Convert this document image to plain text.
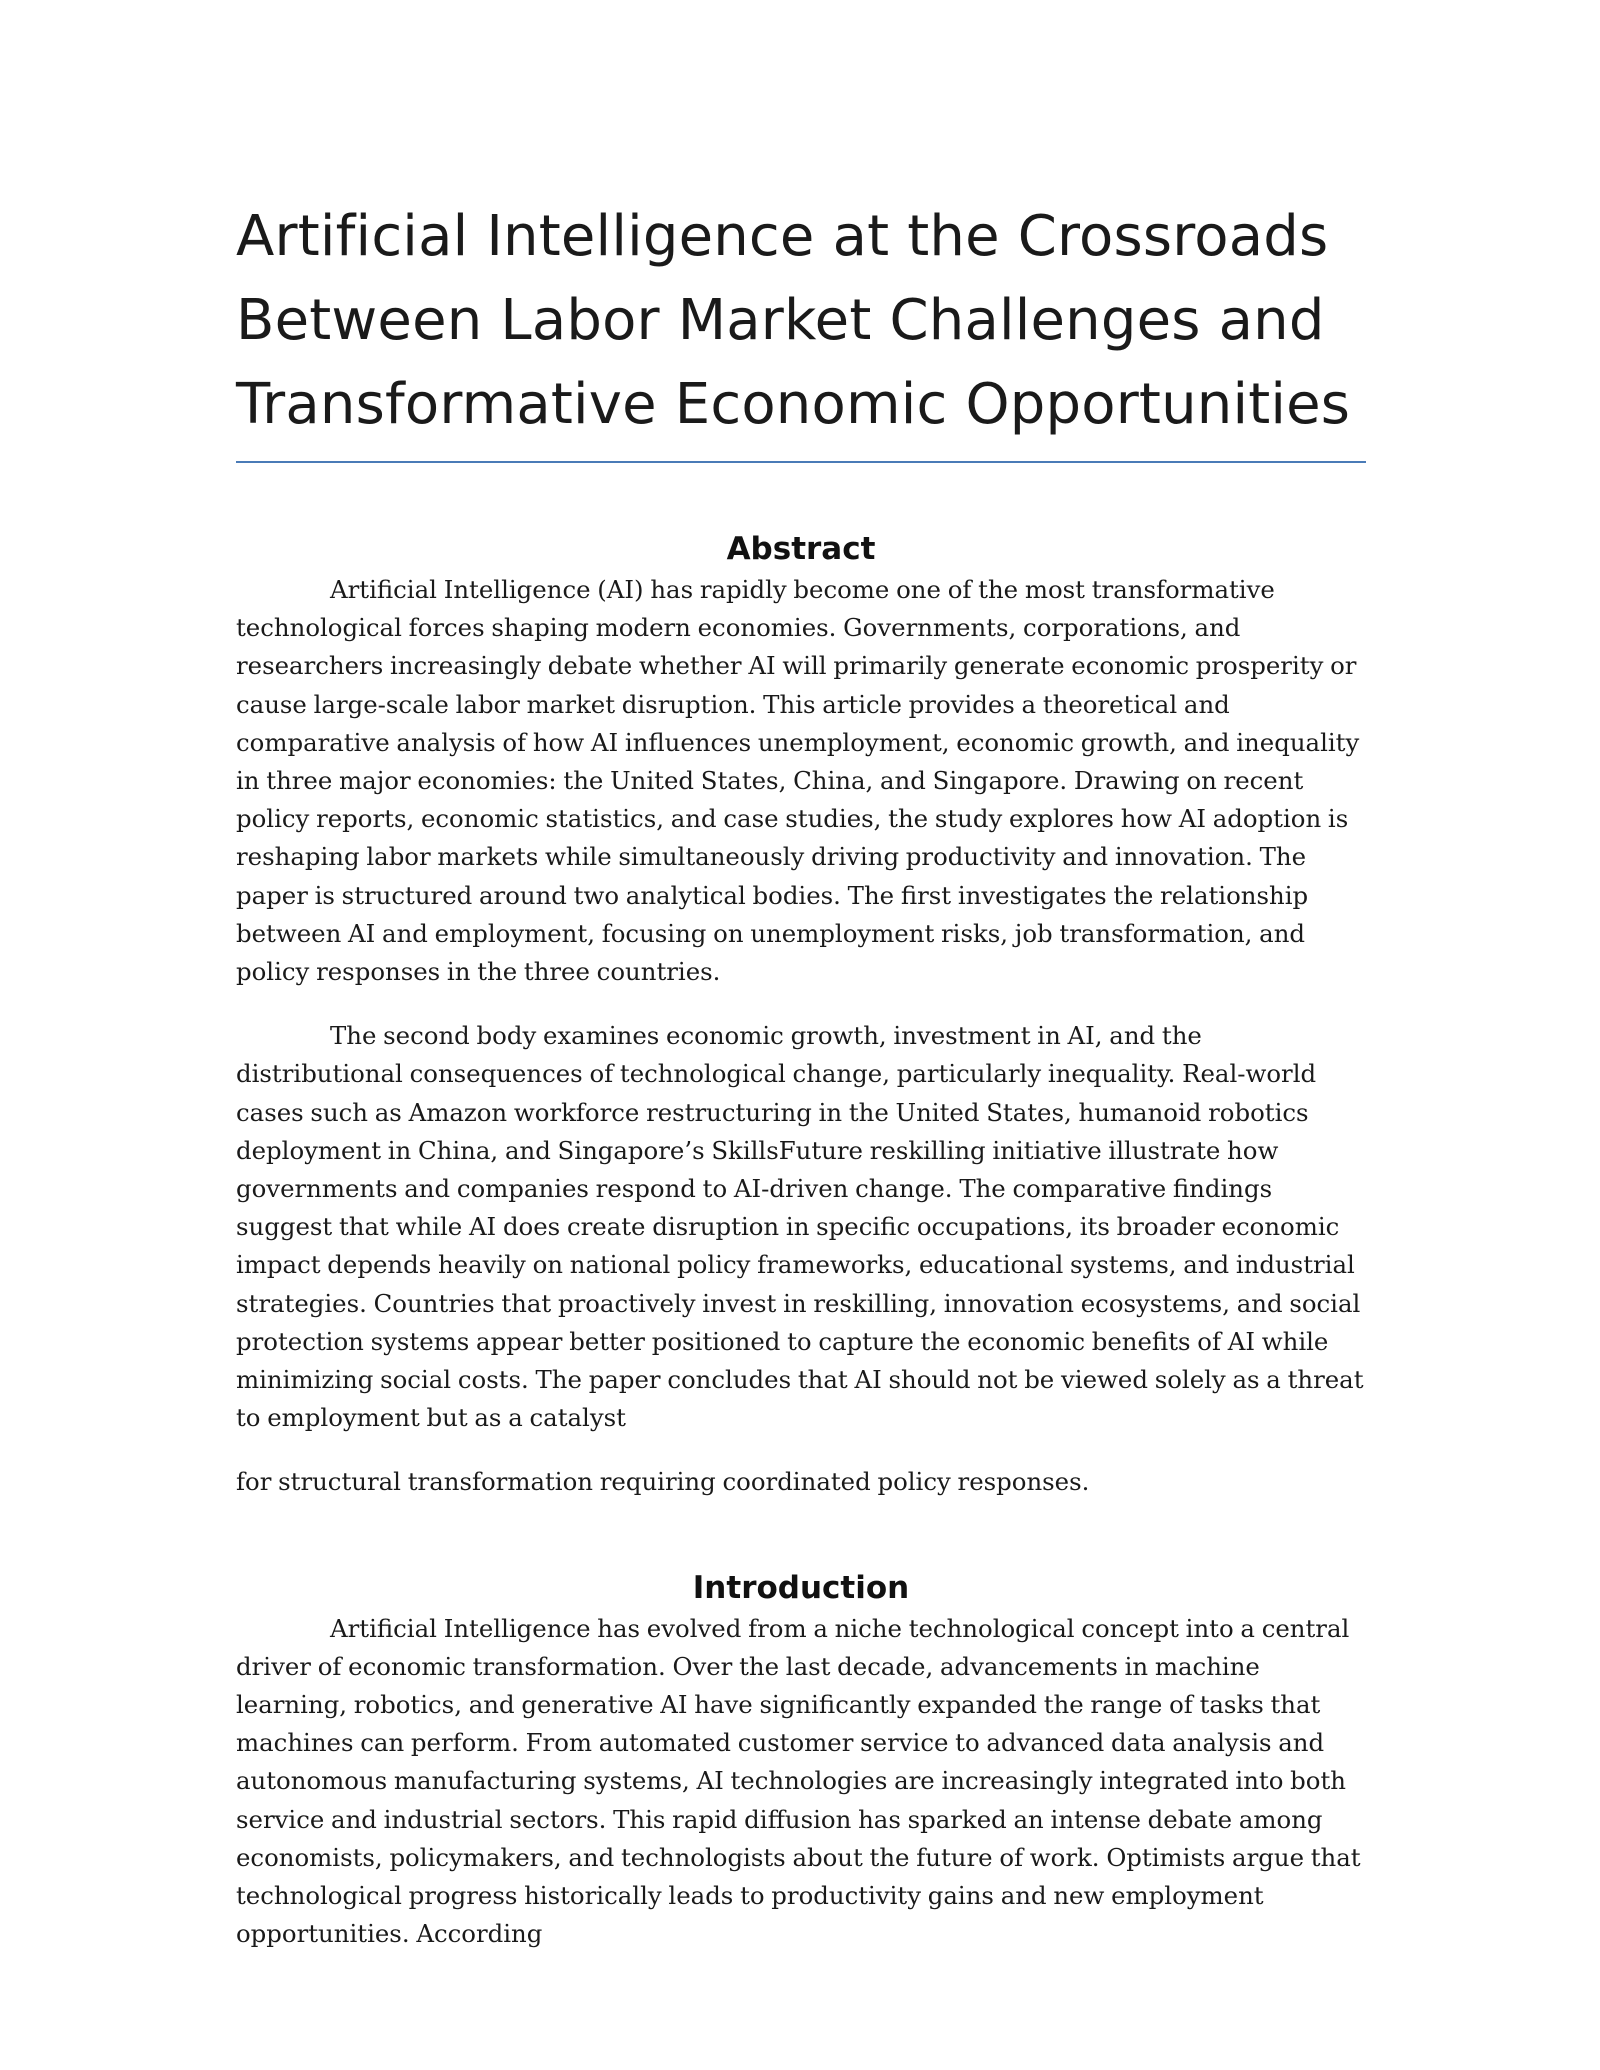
Artificial Intelligence at the Crossroads Between Labor Market Challenges and Transformative Economic Opportunities
Abstract

Artificial Intelligence (AI) has rapidly become one of the most transformative technological forces shaping modern economies. Governments, corporations, and researchers increasingly debate whether AI will primarily generate economic prosperity or cause large-scale labor market disruption. This article provides a theoretical and comparative analysis of how AI influences unemployment, economic growth, and inequality in three major economies: the United States, China, and Singapore. Drawing on recent policy reports, economic statistics, and case studies, the study explores how AI adoption is reshaping labor markets while simultaneously driving productivity and innovation. The paper is structured around two analytical bodies. The first investigates the relationship between AI and employment, focusing on unemployment risks, job transformation, and policy responses in the three countries.

The second body examines economic growth, investment in AI, and the distributional consequences of technological change, particularly inequality. Real-world cases such as Amazon workforce restructuring in the United States, humanoid robotics deployment in China, and Singapore’s SkillsFuture reskilling initiative illustrate how governments and companies respond to AI-driven change. The comparative findings suggest that while AI does create disruption in specific occupations, its broader economic impact depends heavily on national policy frameworks, educational systems, and industrial strategies. Countries that proactively invest in reskilling, innovation ecosystems, and social protection systems appear better positioned to capture the economic benefits of AI while minimizing social costs. The paper concludes that AI should not be viewed solely as a threat to employment but as a catalyst

for structural transformation requiring coordinated policy responses.

Introduction

Artificial Intelligence has evolved from a niche technological concept into a central driver of economic transformation. Over the last decade, advancements in machine learning, robotics, and generative AI have significantly expanded the range of tasks that machines can perform. From automated customer service to advanced data analysis and autonomous manufacturing systems, AI technologies are increasingly integrated into both service and industrial sectors. This rapid diffusion has sparked an intense debate among economists, policymakers, and technologists about the future of work. Optimists argue that technological progress historically leads to productivity gains and new employment opportunities. According
